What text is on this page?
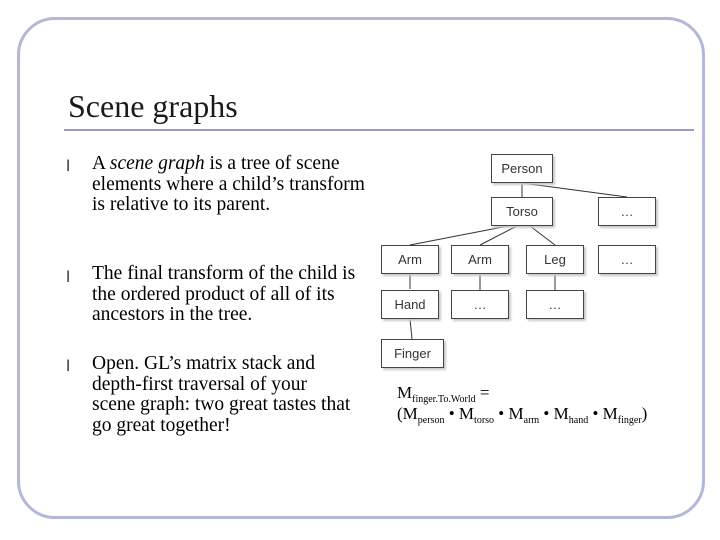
Scene graphs
l A scene graph is a tree of scene elements where a child’s transform is relative to its parent.
l The final transform of the child is the ordered product of all of its ancestors in the tree.
l Open. GL’s matrix stack and depth-first traversal of your scene graph: two great tastes that go great together!
Person
Torso	…
Arm	Arm	Leg	…
Hand	…	…
Finger
$M_{finger.To.World}$ =
($M_{person}$ • $M_{torso}$ • $M_{arm}$ • $M_{hand}$ • $M_{finger}$)
